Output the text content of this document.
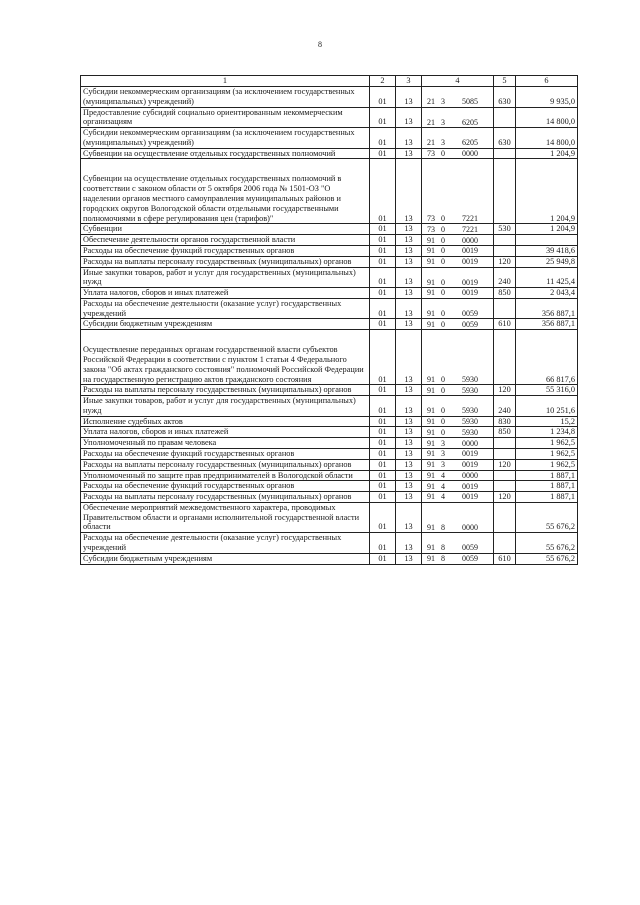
8
1	2	3	4	5	6
Субсидии некоммерческим организациям (за исключением государственных (муниципальных) учреждений)	01	13	21 3 5085	630	9 935,0
Предоставление субсидий социально ориентированным некоммерческим организациям	01	13	21 3 6205		14 800,0
Субсидии некоммерческим организациям (за исключением государственных (муниципальных) учреждений)	01	13	21 3 6205	630	14 800,0
Субвенции на осуществление отдельных государственных полномочий	01	13	73 0 0000		1 204,9
Субвенции на осуществление отдельных государственных полномочий в соответствии с законом области от 5 октября 2006 года № 1501-ОЗ "О наделении органов местного самоуправления муниципальных районов и городских округов Вологодской области отдельными государственными полномочиями в сфере регулирования цен (тарифов)"	01	13	73 0 7221		1 204,9
Субвенции	01	13	73 0 7221	530	1 204,9
Обеспечение деятельности органов государственной власти	01	13	91 0 0000		
Расходы на обеспечение функций государственных органов	01	13	91 0 0019		39 418,6
Расходы на выплаты персоналу государственных (муниципальных) органов	01	13	91 0 0019	120	25 949,8
Иные закупки товаров, работ и услуг для государственных (муниципальных) нужд	01	13	91 0 0019	240	11 425,4
Уплата налогов, сборов и иных платежей	01	13	91 0 0019	850	2 043,4
Расходы на обеспечение деятельности (оказание услуг) государственных учреждений	01	13	91 0 0059		356 887,1
Субсидии бюджетным учреждениям	01	13	91 0 0059	610	356 887,1
Осуществление переданных органам государственной власти субъектов Российской Федерации в соответствии с пунктом 1 статьи 4 Федерального закона "Об актах гражданского состояния" полномочий Российской Федерации на государственную регистрацию актов гражданского состояния	01	13	91 0 5930		66 817,6
Расходы на выплаты персоналу государственных (муниципальных) органов	01	13	91 0 5930	120	55 316,0
Иные закупки товаров, работ и услуг для государственных (муниципальных) нужд	01	13	91 0 5930	240	10 251,6
Исполнение судебных актов	01	13	91 0 5930	830	15,2
Уплата налогов, сборов и иных платежей	01	13	91 0 5930	850	1 234,8
Уполномоченный по правам человека	01	13	91 3 0000		1 962,5
Расходы на обеспечение функций государственных органов	01	13	91 3 0019		1 962,5
Расходы на выплаты персоналу государственных (муниципальных) органов	01	13	91 3 0019	120	1 962,5
Уполномоченный по защите прав предпринимателей в Вологодской области	01	13	91 4 0000		1 887,1
Расходы на обеспечение функций государственных органов	01	13	91 4 0019		1 887,1
Расходы на выплаты персоналу государственных (муниципальных) органов	01	13	91 4 0019	120	1 887,1
Обеспечение мероприятий межведомственного характера, проводимых Правительством области и органами исполнительной государственной власти области	01	13	91 8 0000		55 676,2
Расходы на обеспечение деятельности (оказание услуг) государственных учреждений	01	13	91 8 0059		55 676,2
Субсидии бюджетным учреждениям	01	13	91 8 0059	610	55 676,2
